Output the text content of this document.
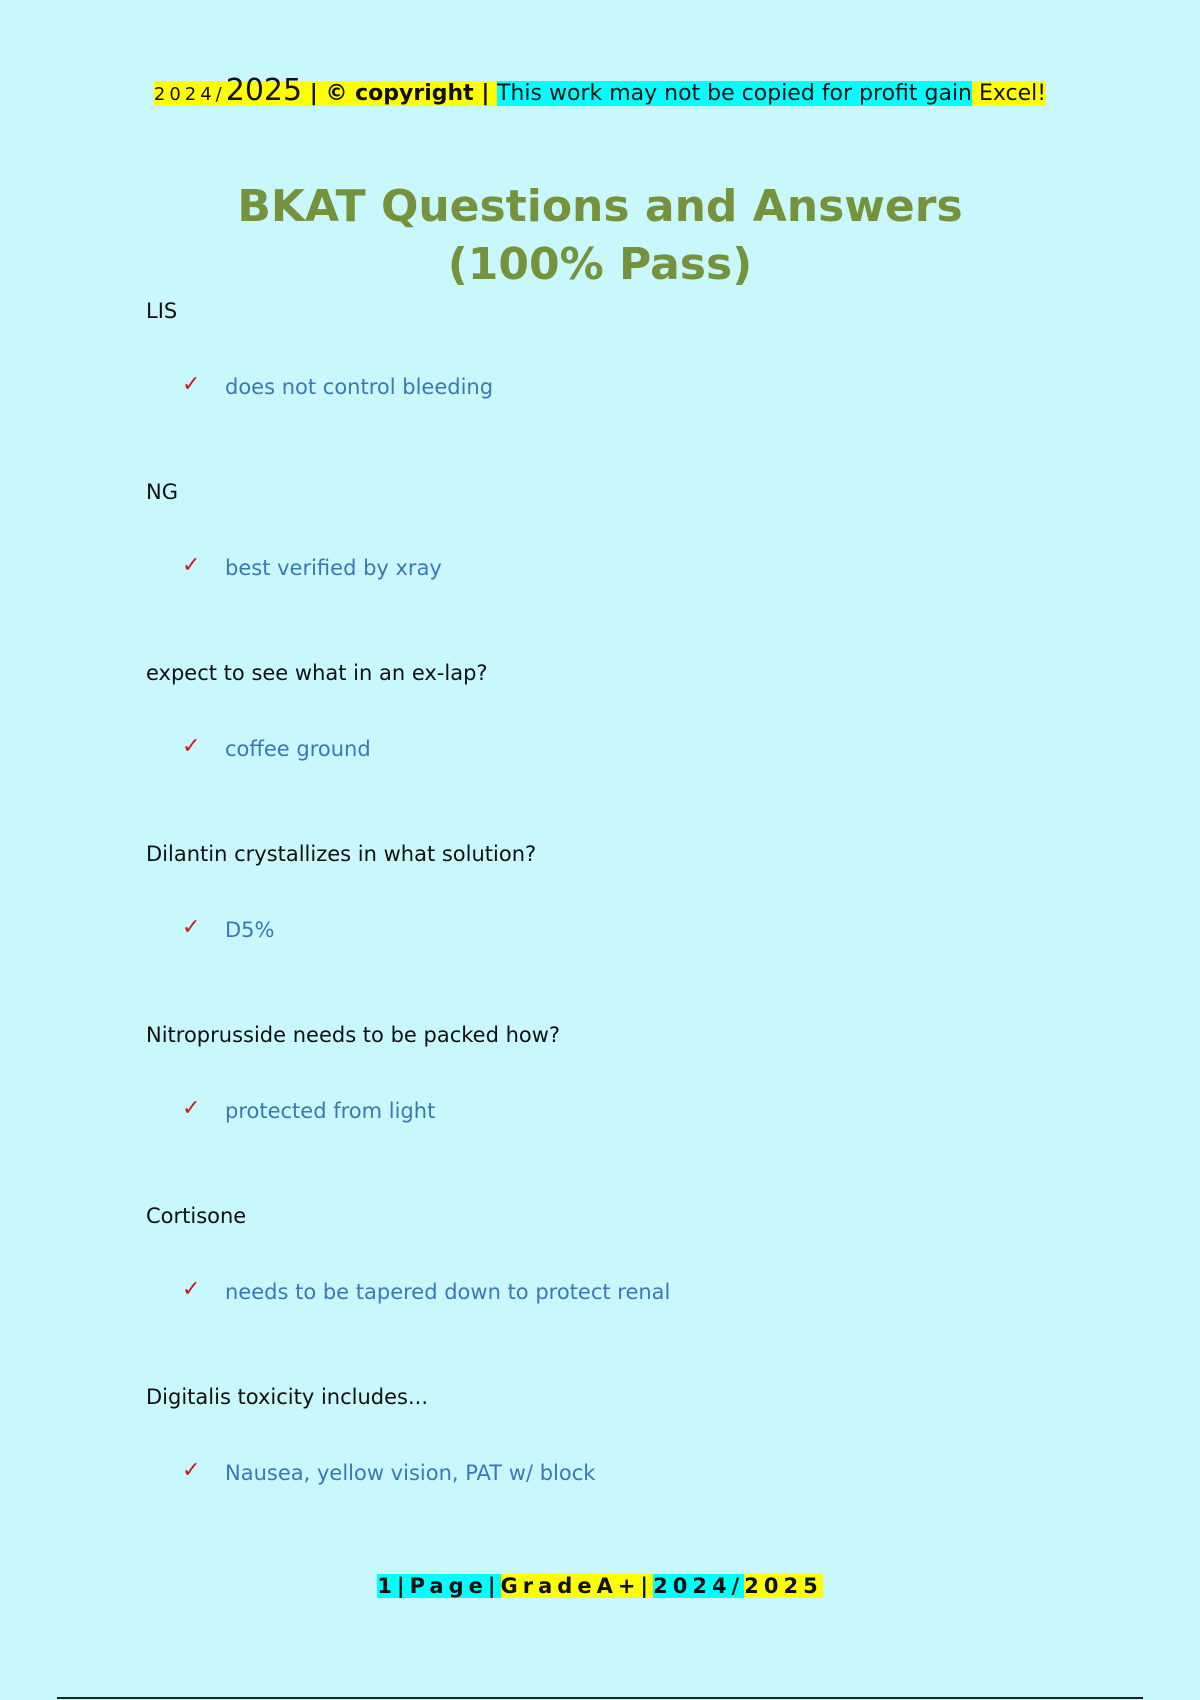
2024/2025 | © copyright | This work may not be copied for profit gain Excel!
BKAT Questions and Answers (100% Pass)
LIS
✓ does not control bleeding
NG
✓ best verified by xray
expect to see what in an ex-lap?
✓ coffee ground
Dilantin crystallizes in what solution?
✓ D5%
Nitroprusside needs to be packed how?
✓ protected from light
Cortisone
✓ needs to be tapered down to protect renal
Digitalis toxicity includes...
✓ Nausea, yellow vision, PAT w/ block
1|Page|GradeA+|2024/2025
